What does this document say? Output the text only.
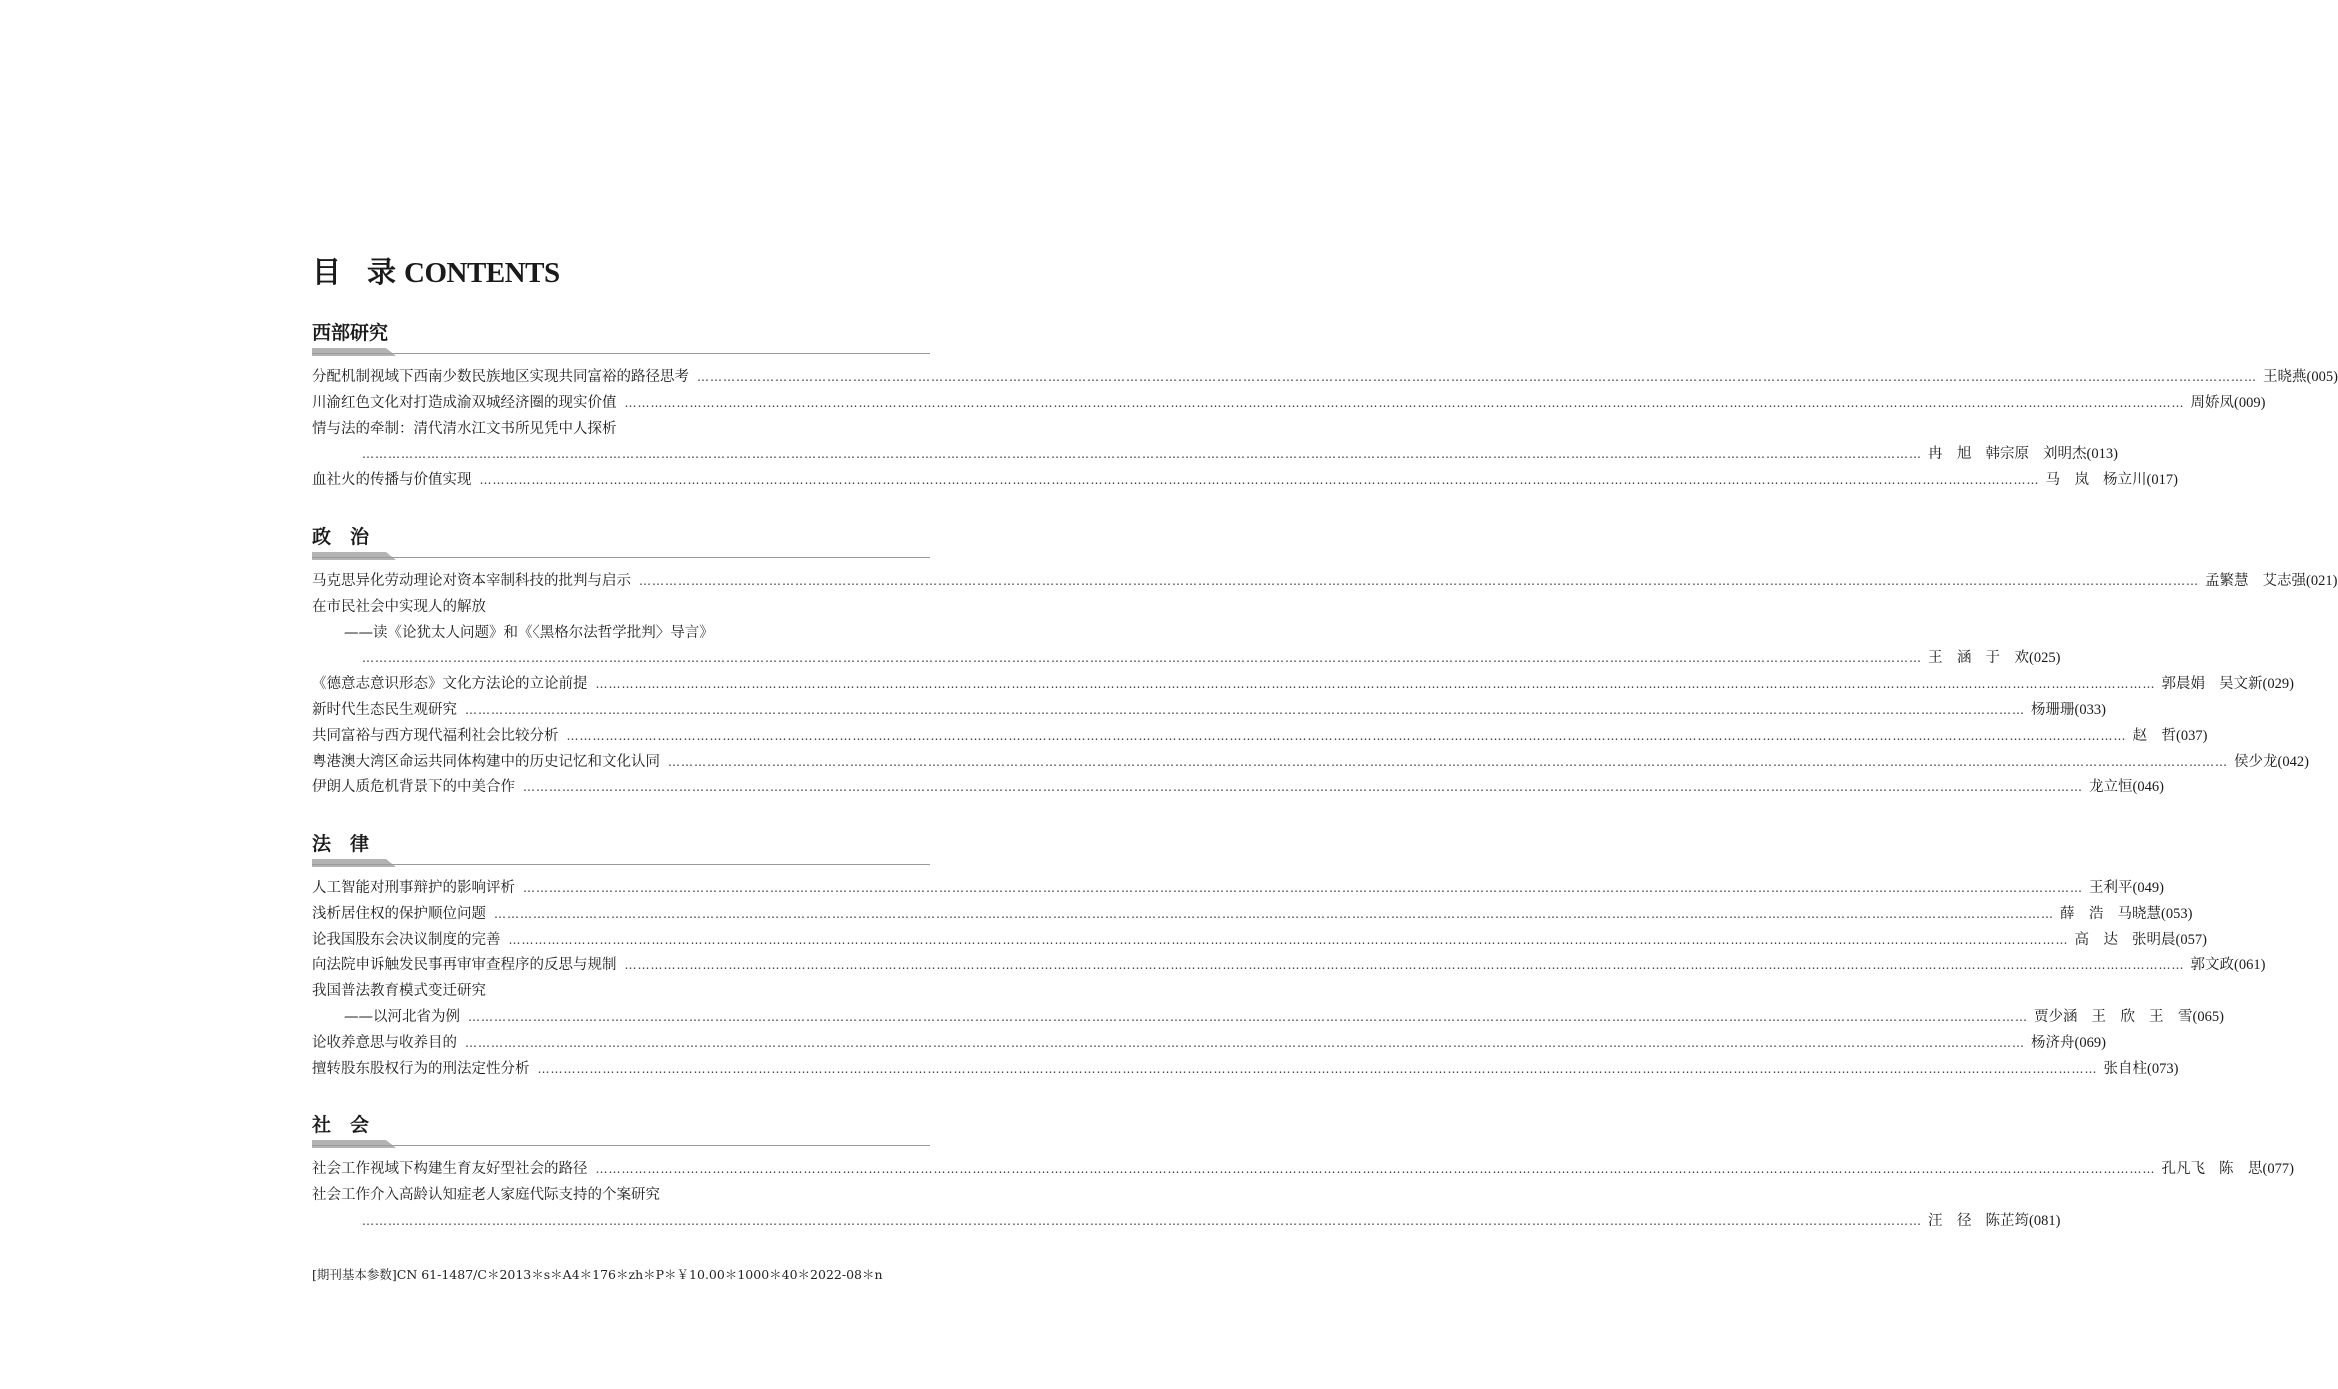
目 录 CONTENTS
[期刊基本参数]CN 61-1487/C＊2013＊s＊A4＊176＊zh＊P＊￥10.00＊1000＊40＊2022-08＊n
西部研究
分配机制视域下西南少数民族地区实现共同富裕的路径思考 ……………………………………………………………………………………………………………………………………………………………………………………………………………………………………………………………………………………………………………………………… 王晓燕 (005)
川渝红色文化对打造成渝双城经济圈的现实价值 ……………………………………………………………………………………………………………………………………………………………………………………………………………………………………………………………………………………………………………………………… 周娇凤 (009)
情与法的牵制：清代清水江文书所见凭中人探析
……………………………………………………………………………………………………………………………………………………………………………………………………………………………………………………………………………………………………………………………… 冉　旭 韩宗原 刘明杰 (013)
血社火的传播与价值实现 ……………………………………………………………………………………………………………………………………………………………………………………………………………………………………………………………………………………………………………………………… 马　岚 杨立川 (017)
政　治
马克思异化劳动理论对资本宰制科技的批判与启示 ……………………………………………………………………………………………………………………………………………………………………………………………………………………………………………………………………………………………………………………………… 孟繁慧 艾志强 (021)
在市民社会中实现人的解放
——读《论犹太人问题》和《〈黑格尔法哲学批判〉导言》
……………………………………………………………………………………………………………………………………………………………………………………………………………………………………………………………………………………………………………………………… 王　涵 于　欢 (025)
《德意志意识形态》文化方法论的立论前提 ……………………………………………………………………………………………………………………………………………………………………………………………………………………………………………………………………………………………………………………………… 郭晨娟 吴文新 (029)
新时代生态民生观研究 ……………………………………………………………………………………………………………………………………………………………………………………………………………………………………………………………………………………………………………………………… 杨珊珊 (033)
共同富裕与西方现代福利社会比较分析 ……………………………………………………………………………………………………………………………………………………………………………………………………………………………………………………………………………………………………………………………… 赵　哲 (037)
粤港澳大湾区命运共同体构建中的历史记忆和文化认同 ……………………………………………………………………………………………………………………………………………………………………………………………………………………………………………………………………………………………………………………………… 侯少龙 (042)
伊朗人质危机背景下的中美合作 ……………………………………………………………………………………………………………………………………………………………………………………………………………………………………………………………………………………………………………………………… 龙立恒 (046)
法　律
人工智能对刑事辩护的影响评析 ……………………………………………………………………………………………………………………………………………………………………………………………………………………………………………………………………………………………………………………………… 王利平 (049)
浅析居住权的保护顺位问题 ……………………………………………………………………………………………………………………………………………………………………………………………………………………………………………………………………………………………………………………………… 薛　浩 马晓慧 (053)
论我国股东会决议制度的完善 ……………………………………………………………………………………………………………………………………………………………………………………………………………………………………………………………………………………………………………………………… 高　达 张明晨 (057)
向法院申诉触发民事再审审查程序的反思与规制 ……………………………………………………………………………………………………………………………………………………………………………………………………………………………………………………………………………………………………………………………… 郭文政 (061)
我国普法教育模式变迁研究
——以河北省为例 ……………………………………………………………………………………………………………………………………………………………………………………………………………………………………………………………………………………………………………………………… 贾少涵 王　欣 王　雪 (065)
论收养意思与收养目的 ……………………………………………………………………………………………………………………………………………………………………………………………………………………………………………………………………………………………………………………………… 杨济舟 (069)
擅转股东股权行为的刑法定性分析 ……………………………………………………………………………………………………………………………………………………………………………………………………………………………………………………………………………………………………………………………… 张自柱 (073)
社　会
社会工作视域下构建生育友好型社会的路径 ……………………………………………………………………………………………………………………………………………………………………………………………………………………………………………………………………………………………………………………………… 孔凡飞 陈　思 (077)
社会工作介入高龄认知症老人家庭代际支持的个案研究
……………………………………………………………………………………………………………………………………………………………………………………………………………………………………………………………………………………………………………………………… 汪　径 陈芷筠 (081)
